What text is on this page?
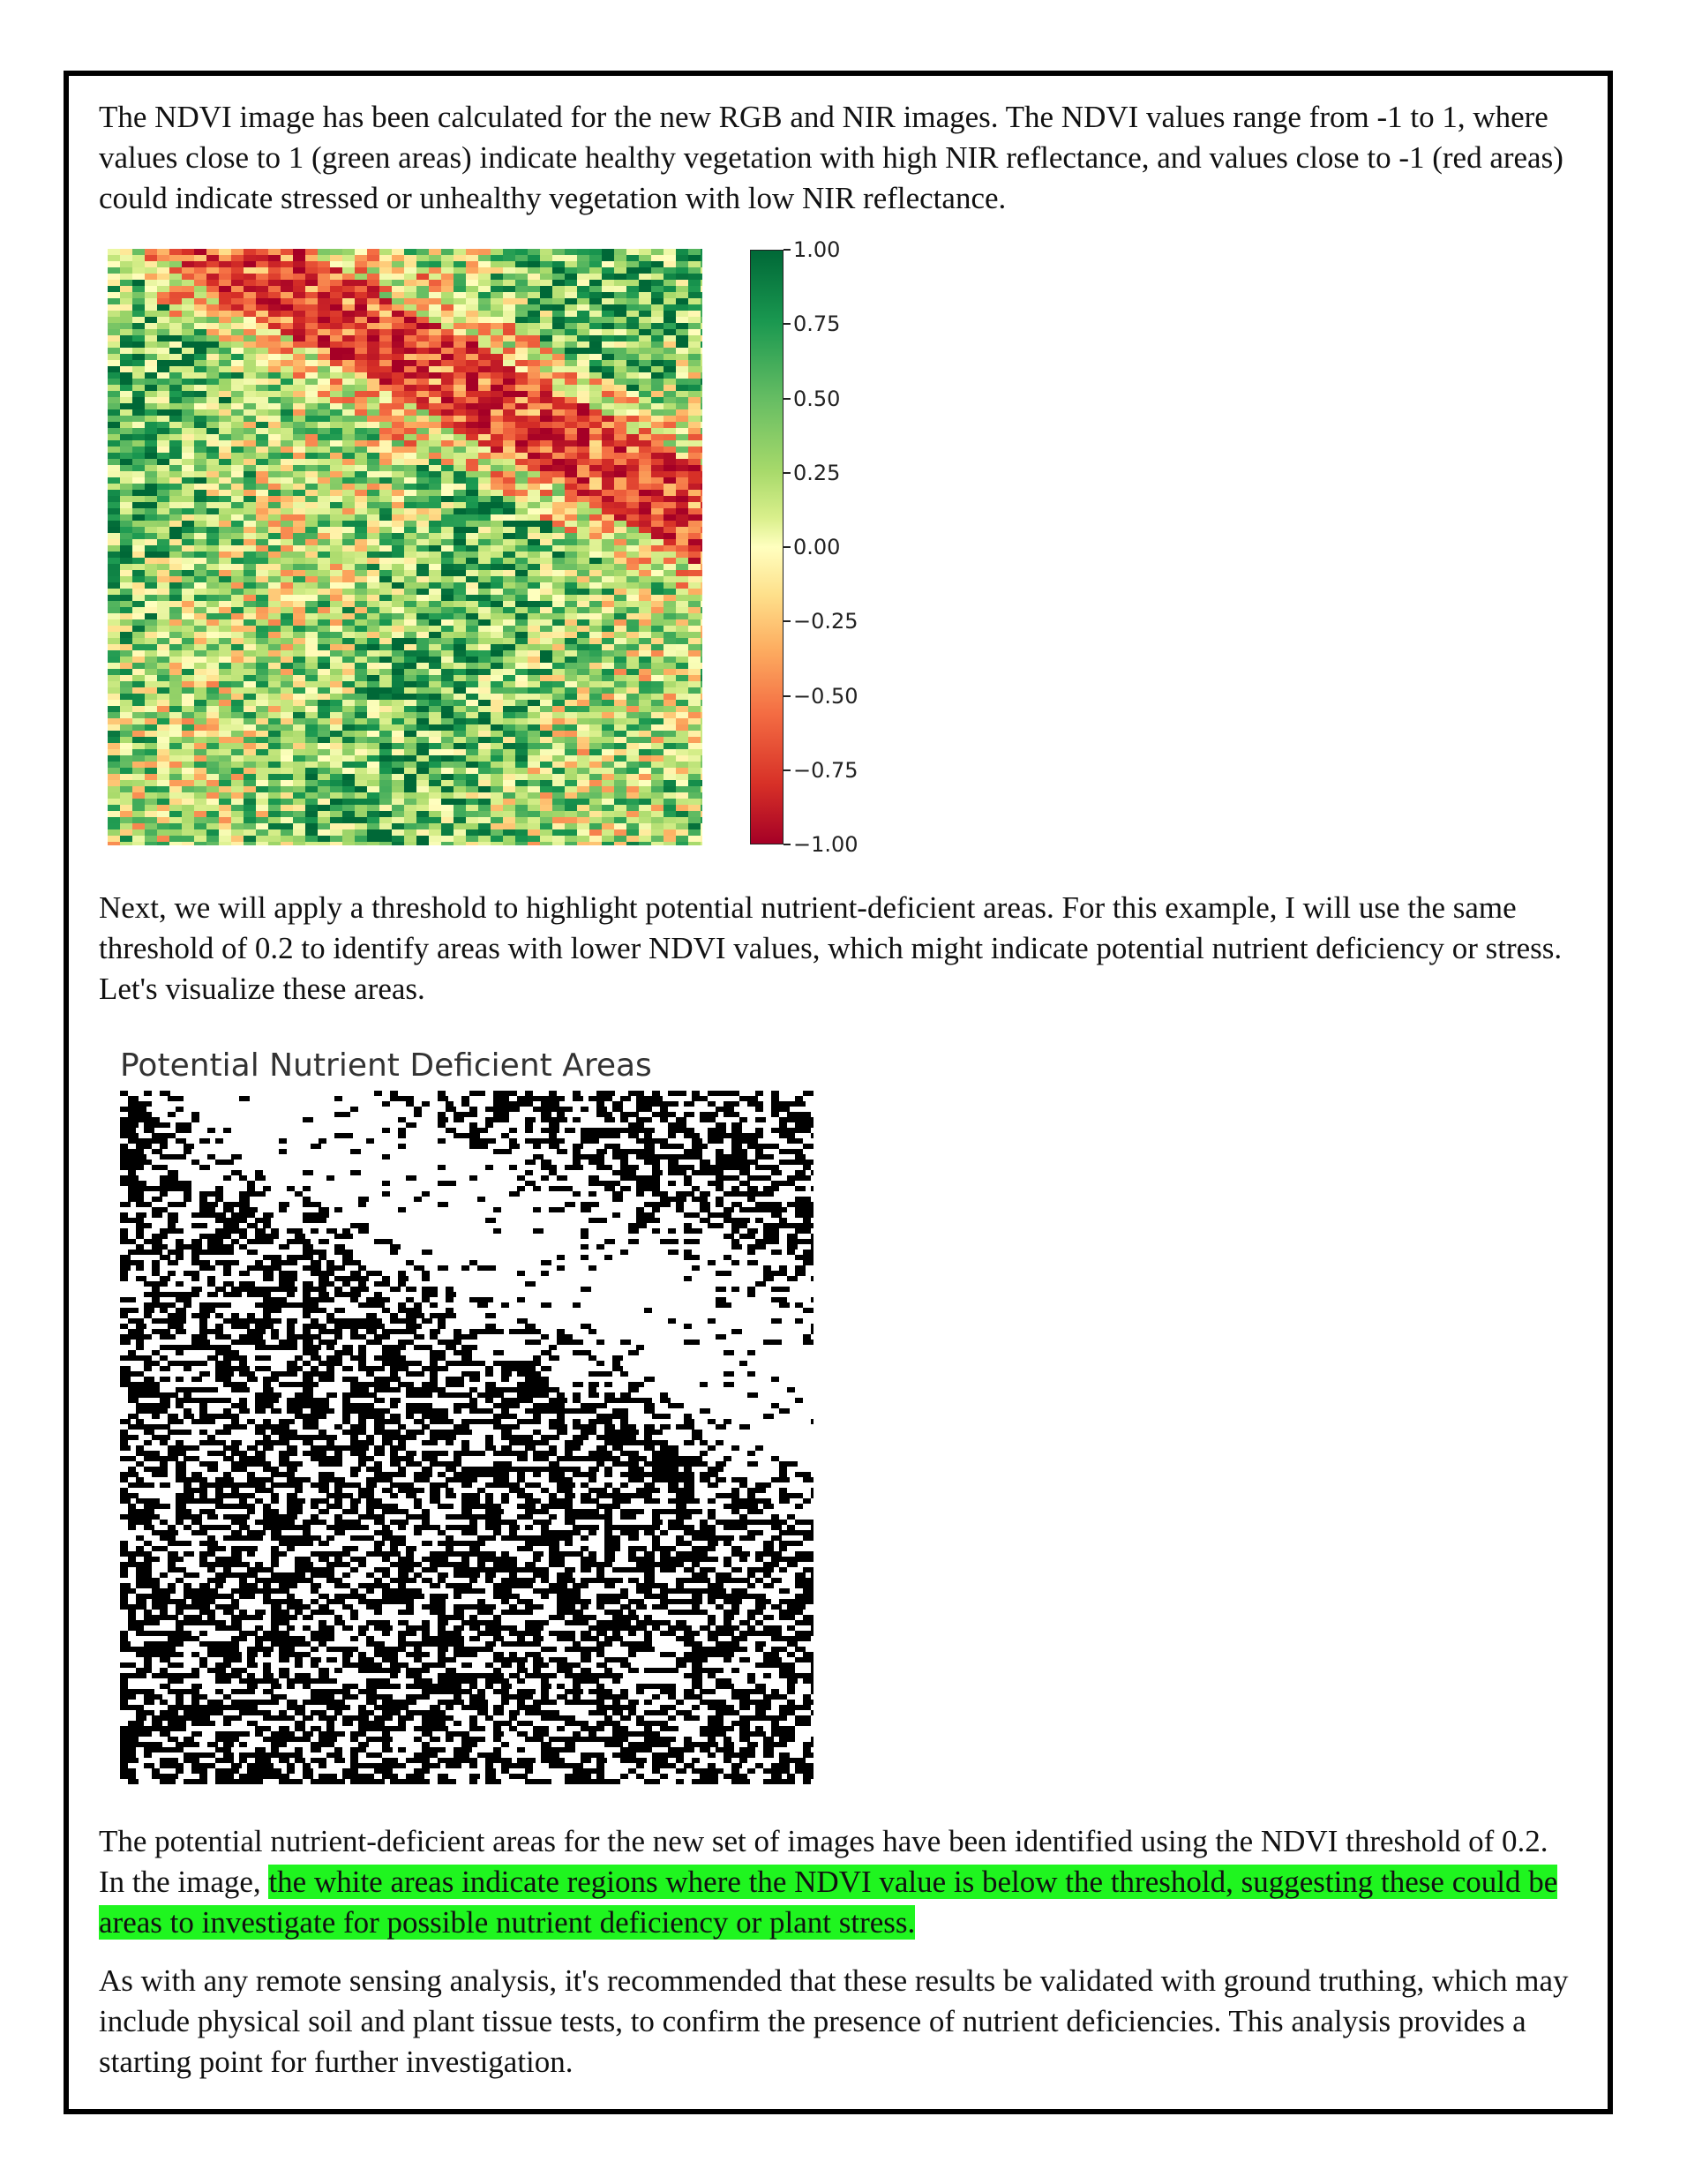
The NDVI image has been calculated for the new RGB and NIR images. The NDVI values range from -1 to 1, where values close to 1 (green areas) indicate healthy vegetation with high NIR reflectance, and values close to -1 (red areas) could indicate stressed or unhealthy vegetation with low NIR reflectance.

1.00
0.75
0.50
0.25
0.00
−0.25
−0.50
−0.75
−1.00

Next, we will apply a threshold to highlight potential nutrient-deficient areas. For this example, I will use the same threshold of 0.2 to identify areas with lower NDVI values, which might indicate potential nutrient deficiency or stress. Let's visualize these areas.

Potential Nutrient Deficient Areas

The potential nutrient-deficient areas for the new set of images have been identified using the NDVI threshold of 0.2. In the image, the white areas indicate regions where the NDVI value is below the threshold, suggesting these could be areas to investigate for possible nutrient deficiency or plant stress.

As with any remote sensing analysis, it's recommended that these results be validated with ground truthing, which may include physical soil and plant tissue tests, to confirm the presence of nutrient deficiencies. This analysis provides a starting point for further investigation.
